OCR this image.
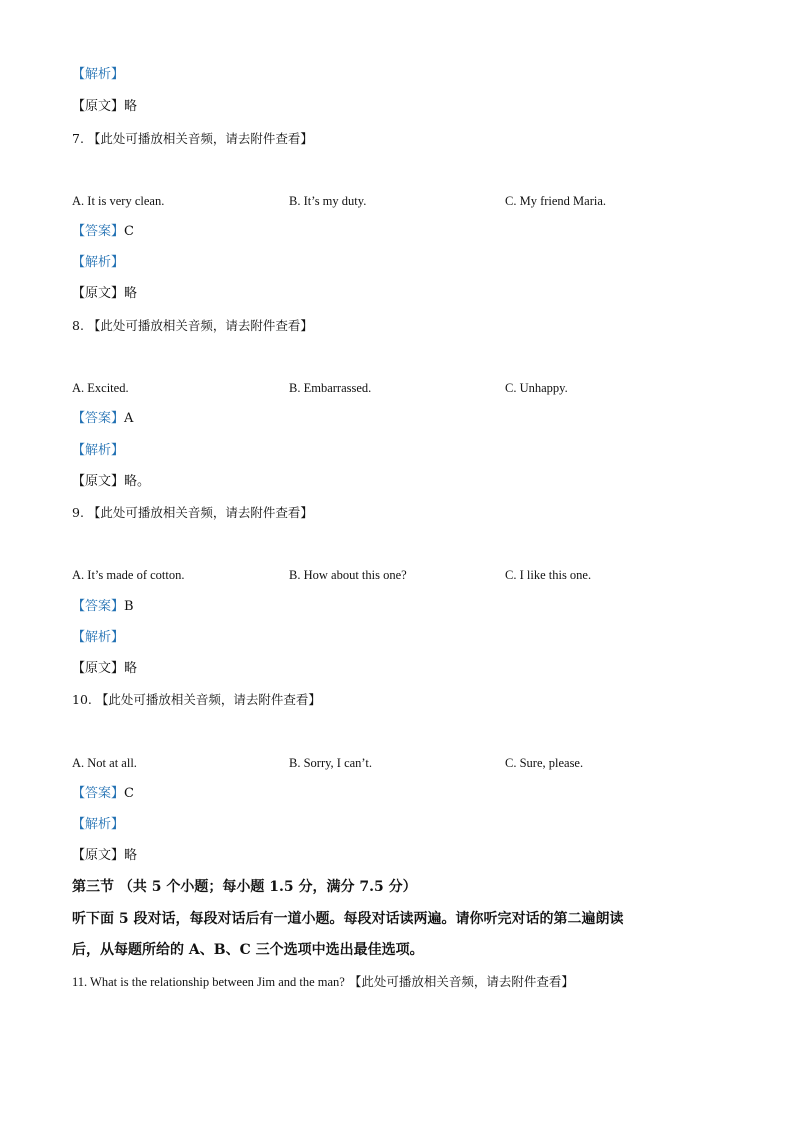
【解析】
【原文】略
7. 【此处可播放相关音频，请去附件查看】
A. It is very clean.	B. It’s my duty.	C. My friend Maria.
【答案】C
【解析】
【原文】略
8. 【此处可播放相关音频，请去附件查看】
A. Excited.	B. Embarrassed.	C. Unhappy.
【答案】A
【解析】
【原文】略。
9. 【此处可播放相关音频，请去附件查看】
A. It’s made of cotton.	B. How about this one?	C. I like this one.
【答案】B
【解析】
【原文】略
10. 【此处可播放相关音频，请去附件查看】
A. Not at all.	B. Sorry, I can’t.	C. Sure, please.
【答案】C
【解析】
【原文】略
第三节 （共 5 个小题；每小题 1.5 分，满分 7.5 分）
听下面 5 段对话，每段对话后有一道小题。每段对话读两遍。请你听完对话的第二遍朗读
后，从每题所给的 A、B、C 三个选项中选出最佳选项。
11. What is the relationship between Jim and the man? 【此处可播放相关音频，请去附件查看】
